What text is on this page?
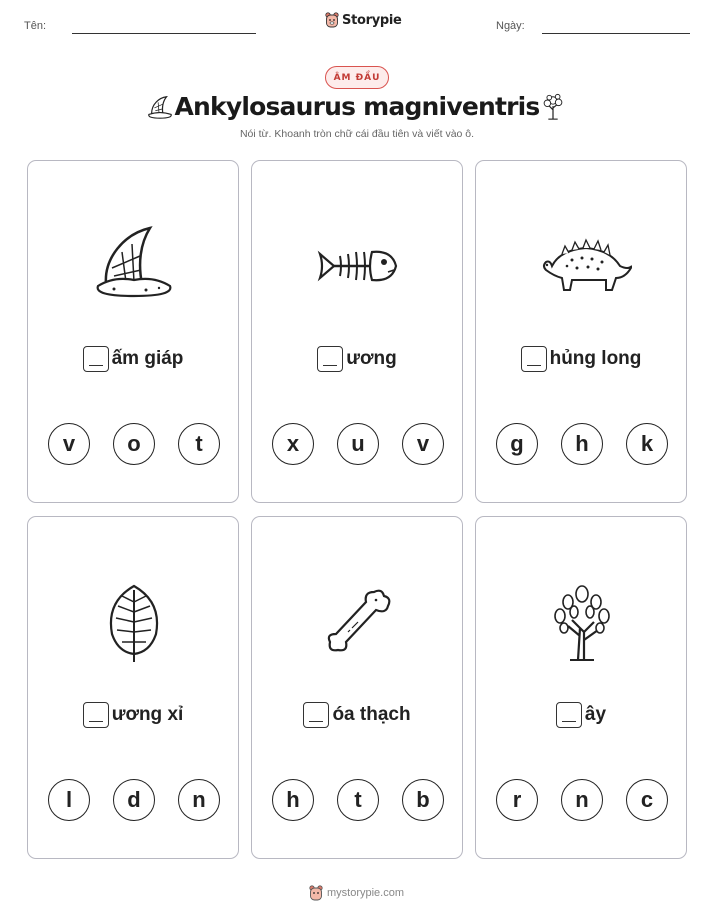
Tên:	Storypie	Ngày:
ÂM ĐẦU
Ankylosaurus magniventris
Nói từ. Khoanh tròn chữ cái đầu tiên và viết vào ô.
ấm giáp
v	o	t
ương
x	u	v
hủng long
g	h	k
ương xỉ
l	d	n
óa thạch
h	t	b
ây
r	n	c
mystorypie.com
